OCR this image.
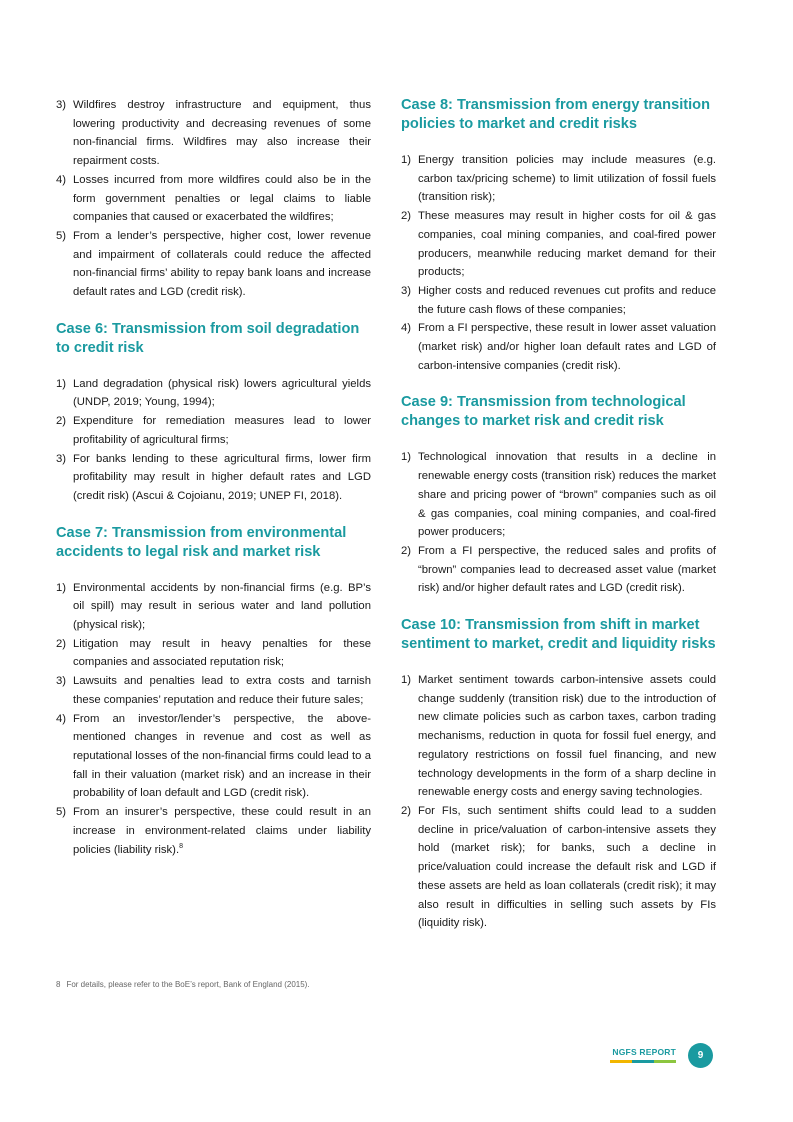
3) Wildfires destroy infrastructure and equipment, thus lowering productivity and decreasing revenues of some non-financial firms. Wildfires may also increase their repairment costs.
4) Losses incurred from more wildfires could also be in the form government penalties or legal claims to liable companies that caused or exacerbated the wildfires;
5) From a lender’s perspective, higher cost, lower revenue and impairment of collaterals could reduce the affected non-financial firms’ ability to repay bank loans and increase default rates and LGD (credit risk).
Case 6: Transmission from soil degradation to credit risk
1) Land degradation (physical risk) lowers agricultural yields (UNDP, 2019; Young, 1994);
2) Expenditure for remediation measures lead to lower profitability of agricultural firms;
3) For banks lending to these agricultural firms, lower firm profitability may result in higher default rates and LGD (credit risk) (Ascui & Cojoianu, 2019; UNEP FI, 2018).
Case 7: Transmission from environmental accidents to legal risk and market risk
1) Environmental accidents by non-financial firms (e.g. BP’s oil spill) may result in serious water and land pollution (physical risk);
2) Litigation may result in heavy penalties for these companies and associated reputation risk;
3) Lawsuits and penalties lead to extra costs and tarnish these companies’ reputation and reduce their future sales;
4) From an investor/lender’s perspective, the above-mentioned changes in revenue and cost as well as reputational losses of the non-financial firms could lead to a fall in their valuation (market risk) and an increase in their probability of loan default and LGD (credit risk).
5) From an insurer’s perspective, these could result in an increase in environment-related claims under liability policies (liability risk).$^8$
Case 8: Transmission from energy transition policies to market and credit risks
1) Energy transition policies may include measures (e.g. carbon tax/pricing scheme) to limit utilization of fossil fuels (transition risk);
2) These measures may result in higher costs for oil & gas companies, coal mining companies, and coal-fired power producers, meanwhile reducing market demand for their products;
3) Higher costs and reduced revenues cut profits and reduce the future cash flows of these companies;
4) From a FI perspective, these result in lower asset valuation (market risk) and/or higher loan default rates and LGD of carbon-intensive companies (credit risk).
Case 9: Transmission from technological changes to market risk and credit risk
1) Technological innovation that results in a decline in renewable energy costs (transition risk) reduces the market share and pricing power of “brown” companies such as oil & gas companies, coal mining companies, and coal-fired power producers;
2) From a FI perspective, the reduced sales and profits of “brown” companies lead to decreased asset value (market risk) and/or higher default rates and LGD (credit risk).
Case 10: Transmission from shift in market sentiment to market, credit and liquidity risks
1) Market sentiment towards carbon-intensive assets could change suddenly (transition risk) due to the introduction of new climate policies such as carbon taxes, carbon trading mechanisms, reduction in quota for fossil fuel energy, and regulatory restrictions on fossil fuel financing, and new technology developments in the form of a sharp decline in renewable energy costs and energy saving technologies.
2) For FIs, such sentiment shifts could lead to a sudden decline in price/valuation of carbon-intensive assets they hold (market risk); for banks, such a decline in price/valuation could increase the default risk and LGD if these assets are held as loan collaterals (credit risk); it may also result in difficulties in selling such assets by FIs (liquidity risk).
8 For details, please refer to the BoE’s report, Bank of England (2015).
NGFS REPORT	9
